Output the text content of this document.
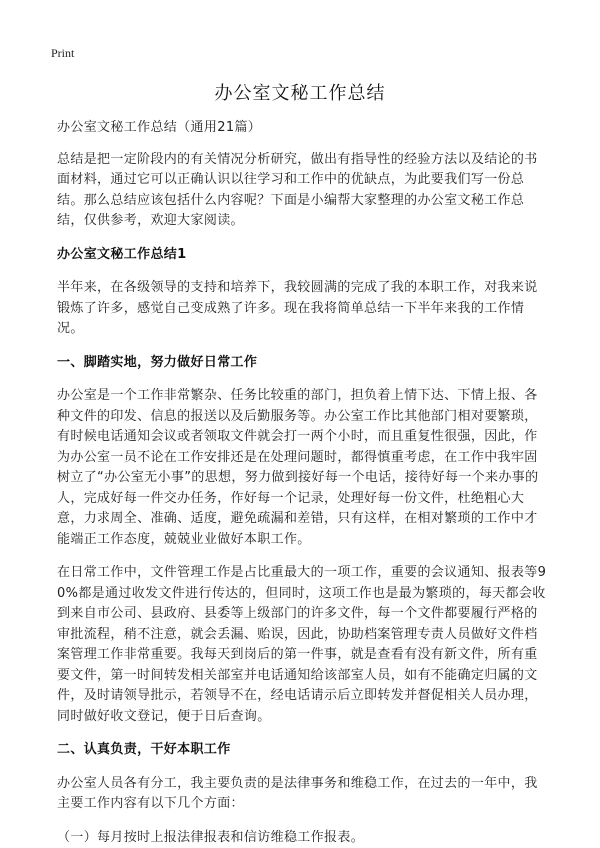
Print
办公室文秘工作总结

办公室文秘工作总结（通用21篇）

总结是把一定阶段内的有关情况分析研究，做出有指导性的经验方法以及结论的书面材料，通过它可以正确认识以往学习和工作中的优缺点，为此要我们写一份总结。那么总结应该包括什么内容呢？下面是小编帮大家整理的办公室文秘工作总结，仅供参考，欢迎大家阅读。

办公室文秘工作总结1

半年来，在各级领导的支持和培养下，我较圆满的完成了我的本职工作，对我来说锻炼了许多，感觉自己变成熟了许多。现在我将简单总结一下半年来我的工作情况。

一、脚踏实地，努力做好日常工作

办公室是一个工作非常繁杂、任务比较重的部门，担负着上情下达、下情上报、各种文件的印发、信息的报送以及后勤服务等。办公室工作比其他部门相对要繁琐，有时候电话通知会议或者领取文件就会打一两个小时，而且重复性很强，因此，作为办公室一员不论在工作安排还是在处理问题时，都得慎重考虑，在工作中我牢固树立了“办公室无小事”的思想，努力做到接好每一个电话，接待好每一个来办事的人，完成好每一件交办任务，作好每一个记录，处理好每一份文件，杜绝粗心大意，力求周全、准确、适度，避免疏漏和差错，只有这样，在相对繁琐的工作中才能端正工作态度，兢兢业业做好本职工作。

在日常工作中，文件管理工作是占比重最大的一项工作，重要的会议通知、报表等90%都是通过收发文件进行传达的，但同时，这项工作也是最为繁琐的，每天都会收到来自市公司、县政府、县委等上级部门的许多文件，每一个文件都要履行严格的审批流程，稍不注意，就会丢漏、贻误，因此，协助档案管理专责人员做好文件档案管理工作非常重要。我每天到岗后的第一件事，就是查看有没有新文件，所有重要文件，第一时间转发相关部室并电话通知给该部室人员，如有不能确定归属的文件，及时请领导批示，若领导不在，经电话请示后立即转发并督促相关人员办理，同时做好收文登记，便于日后查询。

二、认真负责，干好本职工作

办公室人员各有分工，我主要负责的是法律事务和维稳工作，在过去的一年中，我主要工作内容有以下几个方面：

（一）每月按时上报法律报表和信访维稳工作报表。
